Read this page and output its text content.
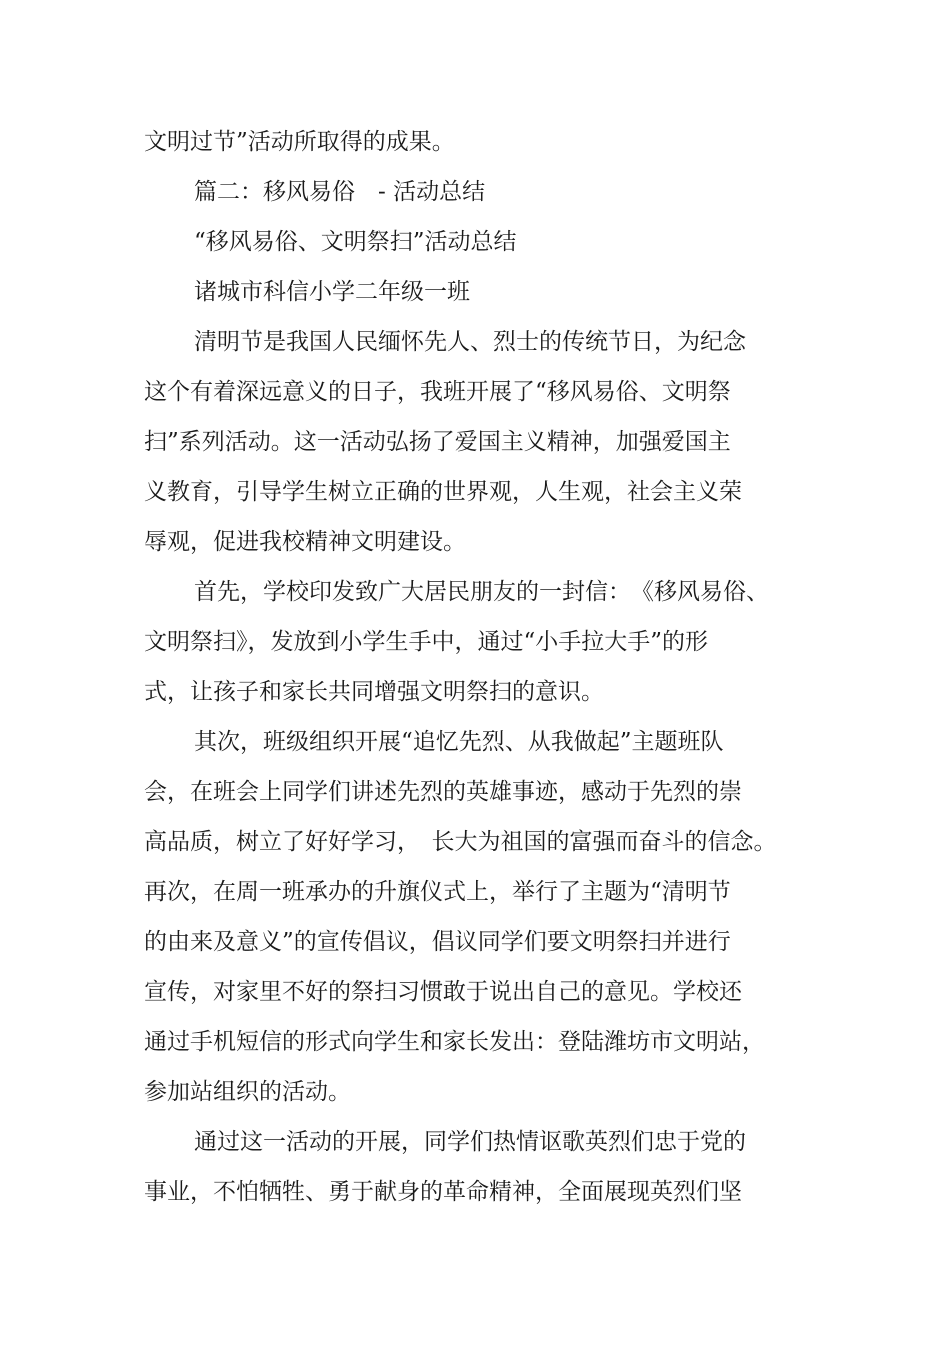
文明过节”活动所取得的成果。

篇二：移风易俗　- 活动总结

“移风易俗、文明祭扫”活动总结

诸城市科信小学二年级一班

清明节是我国人民缅怀先人、烈士的传统节日，为纪念

这个有着深远意义的日子，我班开展了“移风易俗、文明祭

扫”系列活动。这一活动弘扬了爱国主义精神，加强爱国主

义教育，引导学生树立正确的世界观，人生观，社会主义荣

辱观，促进我校精神文明建设。

首先，学校印发致广大居民朋友的一封信：　《移风易俗、

文明祭扫》，发放到小学生手中，通过“小手拉大手”的形

式，让孩子和家长共同增强文明祭扫的意识。

其次，班级组织开展“追忆先烈、从我做起”主题班队

会，在班会上同学们讲述先烈的英雄事迹，感动于先烈的崇

高品质，树立了好好学习，　长大为祖国的富强而奋斗的信念。

再次，在周一班承办的升旗仪式上，举行了主题为“清明节

的由来及意义”的宣传倡议，倡议同学们要文明祭扫并进行

宣传，对家里不好的祭扫习惯敢于说出自己的意见。学校还

通过手机短信的形式向学生和家长发出：登陆潍坊市文明站，

参加站组织的活动。

通过这一活动的开展，同学们热情讴歌英烈们忠于党的

事业，不怕牺牲、勇于献身的革命精神，全面展现英烈们坚
